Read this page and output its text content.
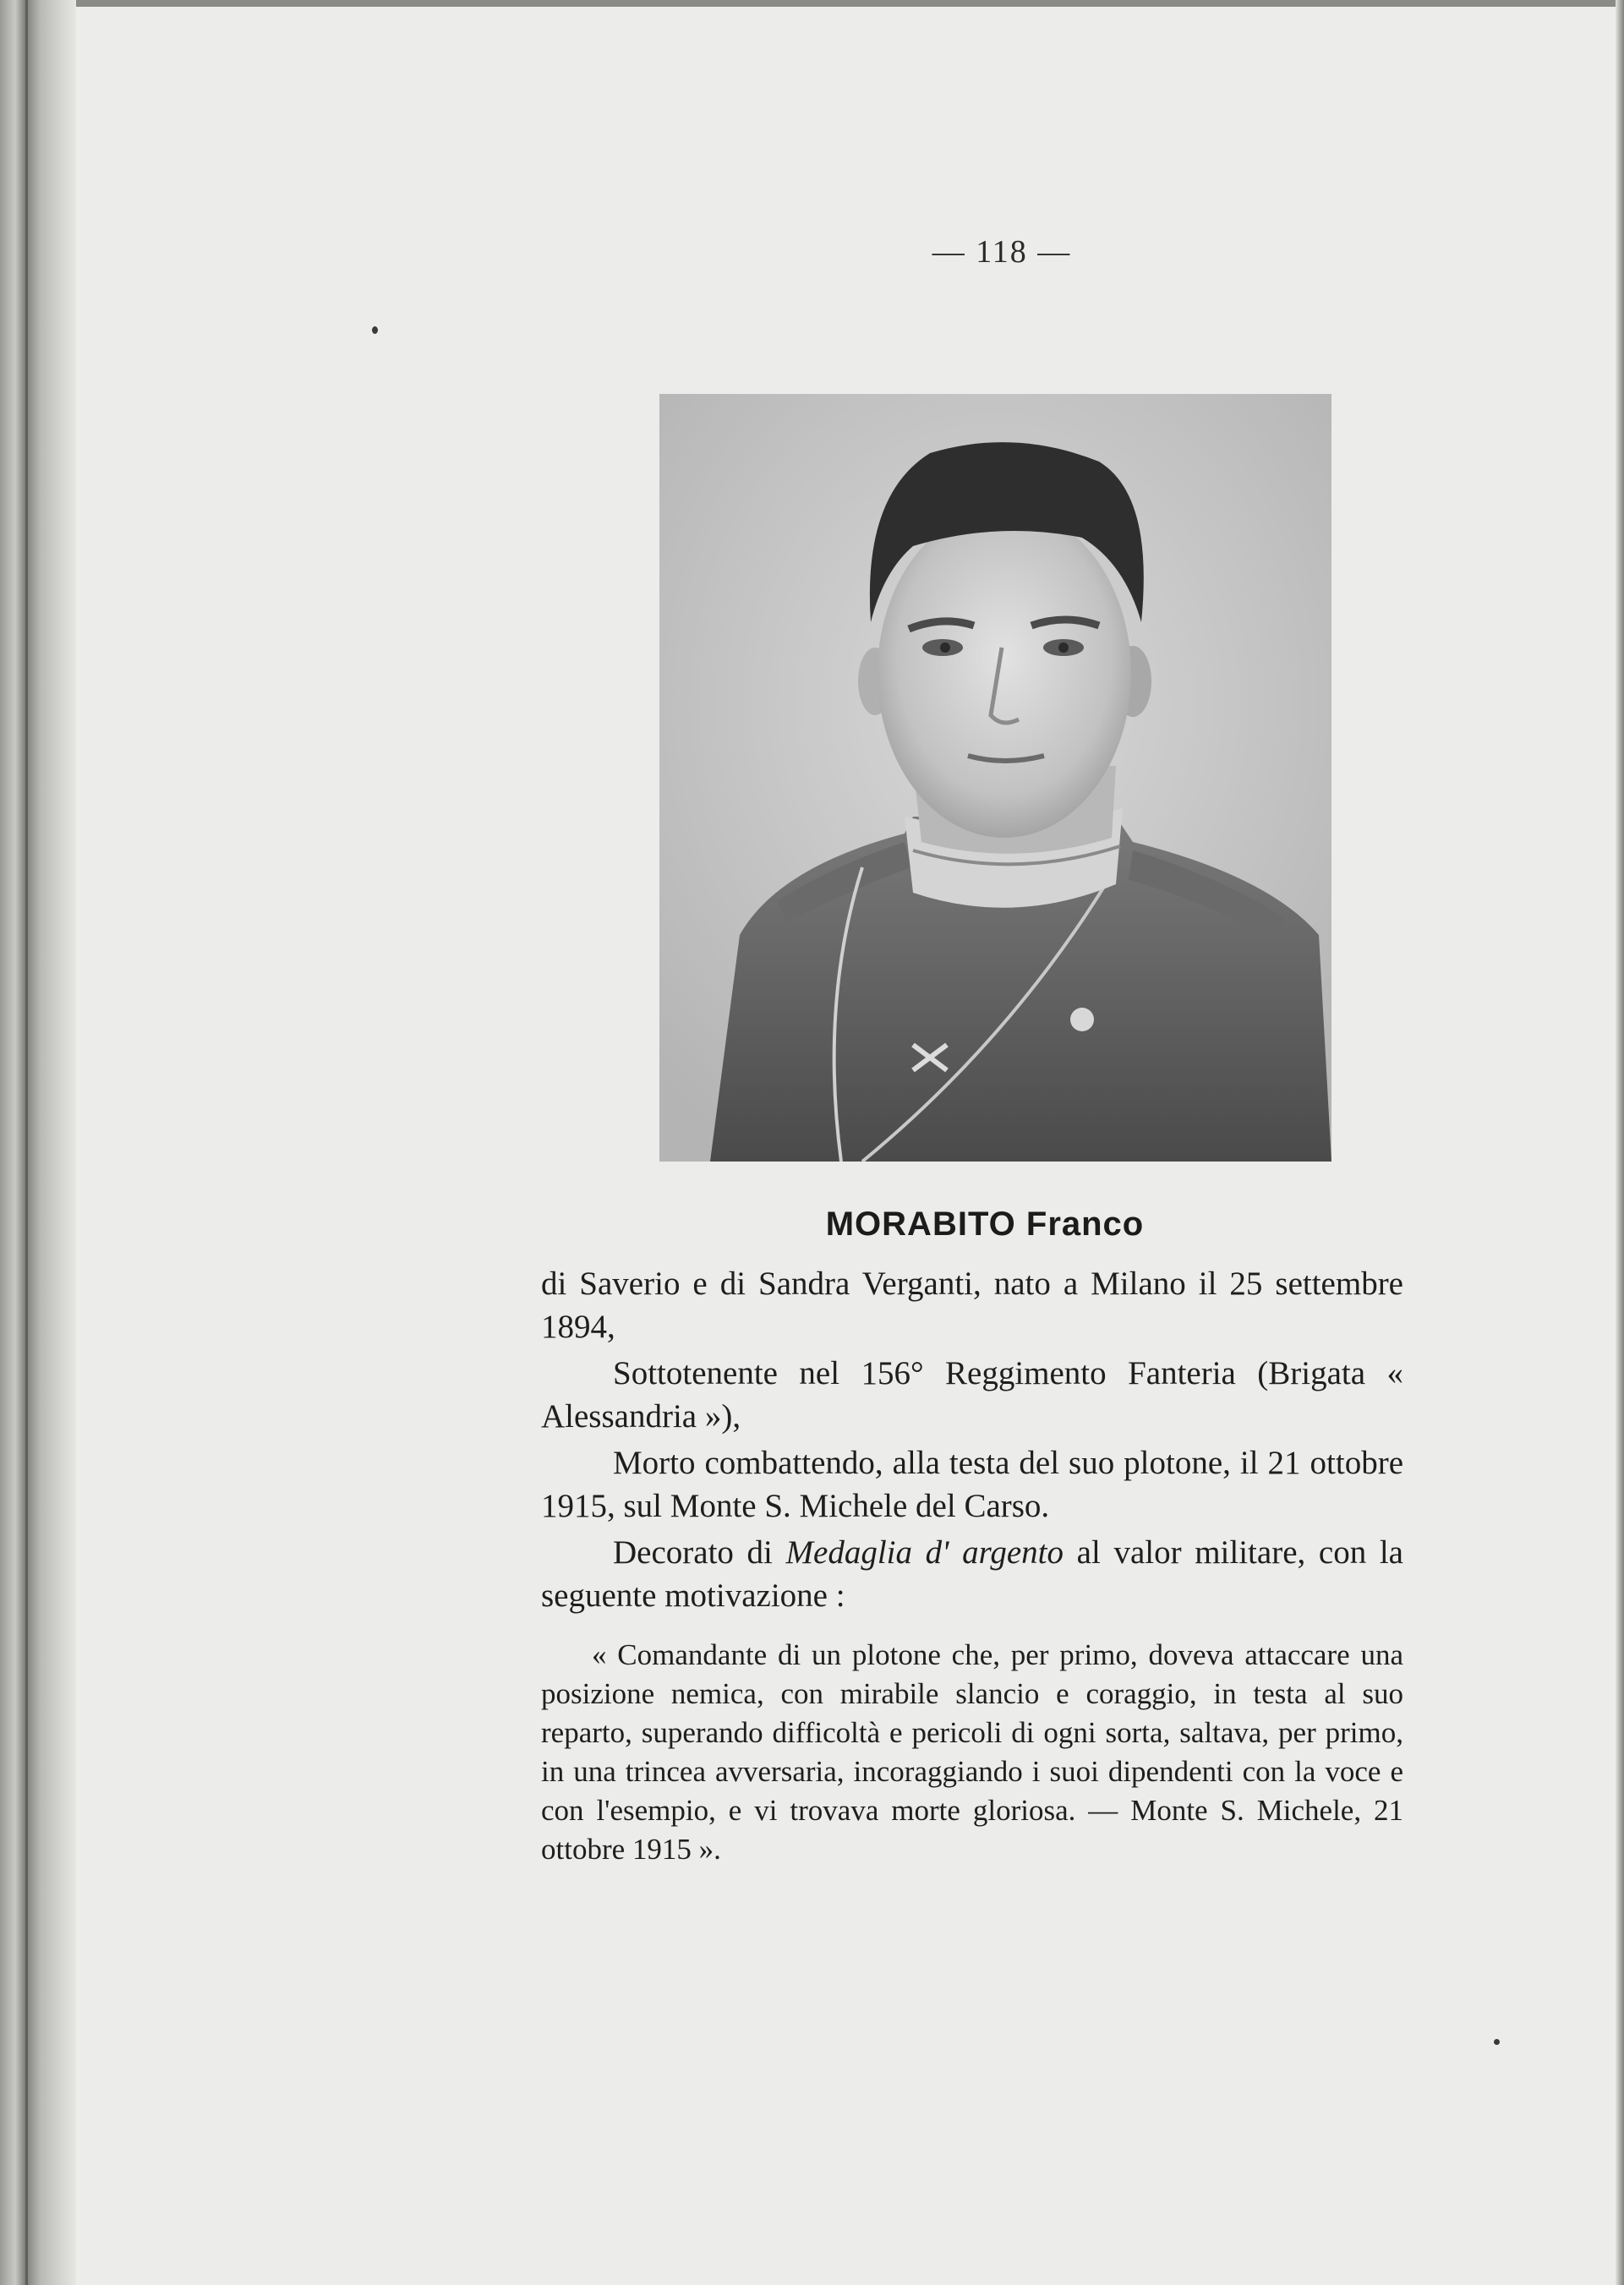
— 118 —
MORABITO Franco

di Saverio e di Sandra Verganti, nato a Milano il 25 settembre 1894,

Sottotenente nel 156° Reggimento Fanteria (Brigata « Alessandria »),

Morto combattendo, alla testa del suo plotone, il 21 ottobre 1915, sul Monte S. Michele del Carso.

Decorato di Medaglia d' argento al valor militare, con la seguente motivazione :

« Comandante di un plotone che, per primo, doveva attaccare una posizione nemica, con mirabile slancio e coraggio, in testa al suo reparto, superando difficoltà e pericoli di ogni sorta, saltava, per primo, in una trincea avversaria, incoraggiando i suoi dipendenti con la voce e con l'esempio, e vi trovava morte gloriosa. — Monte S. Michele, 21 ottobre 1915 ».
